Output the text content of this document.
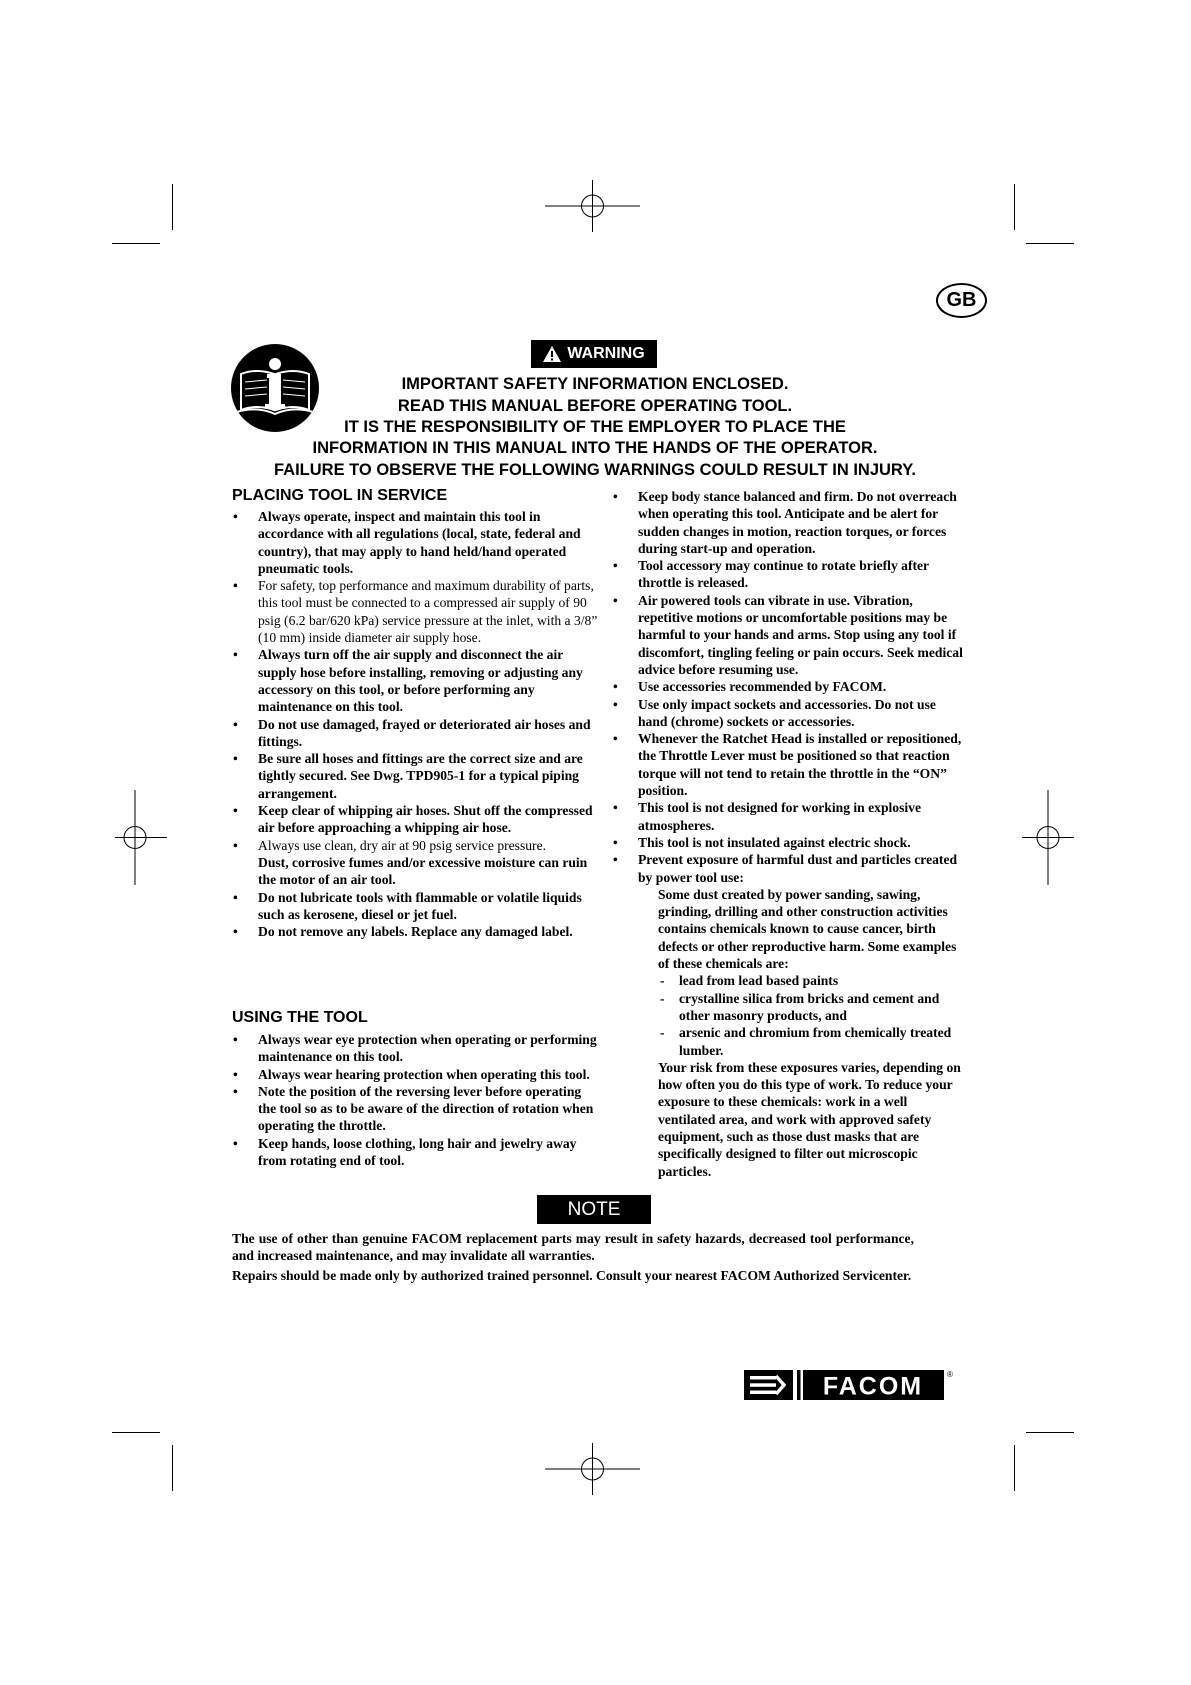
GB
WARNING
IMPORTANT SAFETY INFORMATION ENCLOSED.
READ THIS MANUAL BEFORE OPERATING TOOL.
IT IS THE RESPONSIBILITY OF THE EMPLOYER TO PLACE THE
INFORMATION IN THIS MANUAL INTO THE HANDS OF THE OPERATOR.
FAILURE TO OBSERVE THE FOLLOWING WARNINGS COULD RESULT IN INJURY.
PLACING TOOL IN SERVICE
• Always operate, inspect and maintain this tool in accordance with all regulations (local, state, federal and country), that may apply to hand held/hand operated pneumatic tools.
• For safety, top performance and maximum durability of parts, this tool must be connected to a compressed air supply of 90 psig (6.2 bar/620 kPa) service pressure at the inlet, with a 3/8” (10 mm) inside diameter air supply hose.
• Always turn off the air supply and disconnect the air supply hose before installing, removing or adjusting any accessory on this tool, or before performing any maintenance on this tool.
• Do not use damaged, frayed or deteriorated air hoses and fittings.
• Be sure all hoses and fittings are the correct size and are tightly secured. See Dwg. TPD905-1 for a typical piping arrangement.
• Keep clear of whipping air hoses. Shut off the compressed air before approaching a whipping air hose.
• Always use clean, dry air at 90 psig service pressure.
Dust, corrosive fumes and/or excessive moisture can ruin the motor of an air tool.
• Do not lubricate tools with flammable or volatile liquids such as kerosene, diesel or jet fuel.
• Do not remove any labels. Replace any damaged label.
USING THE TOOL
• Always wear eye protection when operating or performing maintenance on this tool.
• Always wear hearing protection when operating this tool.
• Note the position of the reversing lever before operating the tool so as to be aware of the direction of rotation when operating the throttle.
• Keep hands, loose clothing, long hair and jewelry away from rotating end of tool.
• Keep body stance balanced and firm. Do not overreach when operating this tool. Anticipate and be alert for sudden changes in motion, reaction torques, or forces during start-up and operation.
• Tool accessory may continue to rotate briefly after throttle is released.
• Air powered tools can vibrate in use. Vibration, repetitive motions or uncomfortable positions may be harmful to your hands and arms. Stop using any tool if discomfort, tingling feeling or pain occurs. Seek medical advice before resuming use.
• Use accessories recommended by FACOM.
• Use only impact sockets and accessories. Do not use hand (chrome) sockets or accessories.
• Whenever the Ratchet Head is installed or repositioned, the Throttle Lever must be positioned so that reaction torque will not tend to retain the throttle in the “ON” position.
• This tool is not designed for working in explosive atmospheres.
• This tool is not insulated against electric shock.
• Prevent exposure of harmful dust and particles created by power tool use:
Some dust created by power sanding, sawing, grinding, drilling and other construction activities contains chemicals known to cause cancer, birth defects or other reproductive harm. Some examples of these chemicals are:
- lead from lead based paints
- crystalline silica from bricks and cement and other masonry products, and
- arsenic and chromium from chemically treated lumber.
Your risk from these exposures varies, depending on how often you do this type of work. To reduce your exposure to these chemicals: work in a well ventilated area, and work with approved safety equipment, such as those dust masks that are specifically designed to filter out microscopic particles.
NOTE
The use of other than genuine FACOM replacement parts may result in safety hazards, decreased tool performance, and increased maintenance, and may invalidate all warranties.
Repairs should be made only by authorized trained personnel. Consult your nearest FACOM Authorized Servicenter.
FACOM	®
